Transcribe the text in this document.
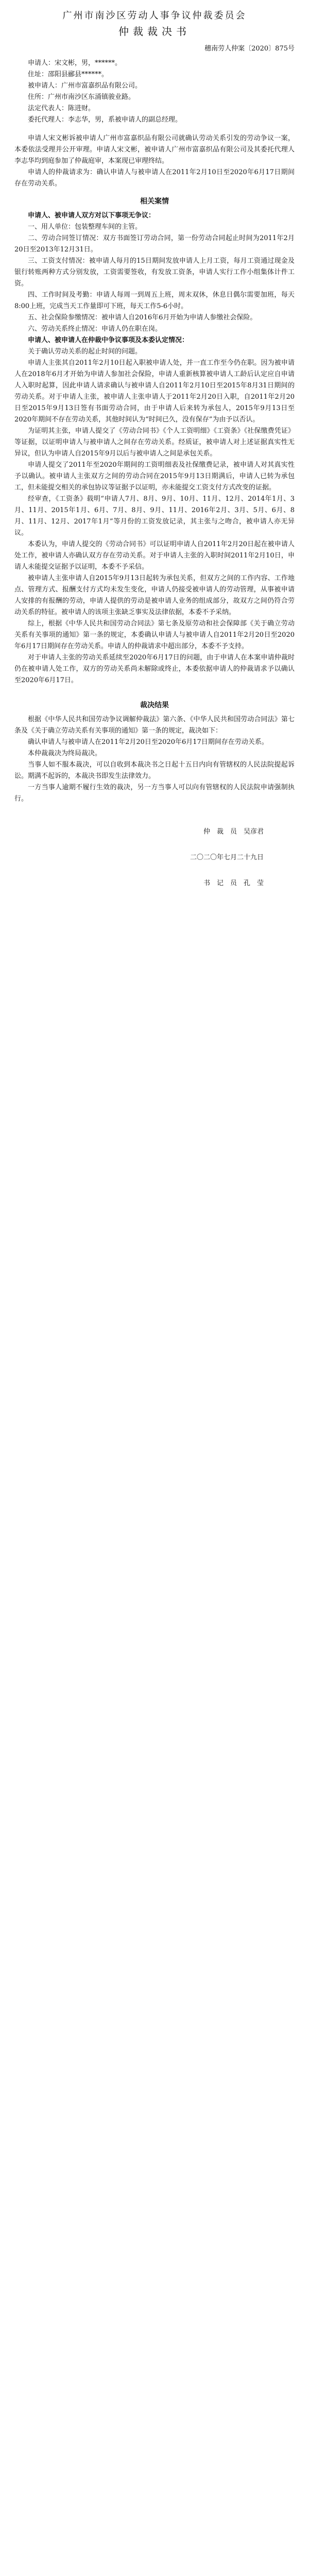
广州市南沙区劳动人事争议仲裁委员会
仲裁裁决书
穗南劳人仲案〔2020〕875号

申请人：宋文彬，男，******。

住址：邵阳县郦县******。

被申请人：广州市富嘉织品有限公司。

住所：广州市南沙区东涌镇骏业路。

法定代表人：陈进财。

委托代理人：李志华，男，系被申请人的副总经理。

申请人宋文彬诉被申请人广州市富嘉织品有限公司就确认劳动关系引发的劳动争议一案，本委依法受理并公开审理。申请人宋文彬，被申请人广州市富嘉织品有限公司及其委托代理人李志华均到庭参加了仲裁庭审，本案现已审理终结。

申请人的仲裁请求为：确认申请人与被申请人在2011年2月10日至2020年6月17日期间存在劳动关系。

相关案情

申请人、被申请人双方对以下事项无争议：

一、用人单位：包装整理车间的主管。

二、劳动合同签订情况：双方书面签订劳动合同，第一份劳动合同起止时间为2011年2月20日至2013年12月31日。

三、工资支付情况：被申请人每月的15日期间发放申请人上月工资，每月工资通过现金及银行转账两种方式分别发放，工资需要签收，有发放工资条，申请人实行工作小组集体计件工资。

四、工作时间及考勤：申请人每周一到周五上班，周末双休，休息日偶尔需要加班，每天8:00上班，完成当天工作量即可下班，每天工作5-6小时。

五、社会保险参缴情况：被申请人自2016年6月开始为申请人参缴社会保险。

六、劳动关系终止情况：申请人仍在职在岗。

申请人、被申请人在仲裁中争议事项及本委认定情况：

关于确认劳动关系的起止时间的问题。

申请人主张其自2011年2月10日起入职被申请人处，并一直工作至今仍在职。因为被申请人在2018年6月才开始为申请人参加社会保险，申请人重新核算被申请人工龄后认定应自申请人入职时起算，因此申请人请求确认与被申请人自2011年2月10日至2015年8月31日期间的劳动关系。对于申请人主张，被申请人主张申请人于2011年2月20日入职，自2011年2月20日至2015年9月13日签有书面劳动合同，由于申请人后来转为承包人，2015年9月13日至2020年期间不存在劳动关系，其他时间认为“时间已久，没有保存”为由予以否认。

为证明其主张，申请人提交了《劳动合同书》《个人工资明细》《工资条》《社保缴费凭证》等证据，以证明申请人与被申请人之间存在劳动关系。经质证，被申请人对上述证据真实性无异议，但认为申请人自2015年9月以后与被申请人之间是承包关系。

申请人提交了2011年至2020年期间的工资明细表及社保缴费记录，被申请人对其真实性予以确认。被申请人主张双方之间的劳动合同在2015年9月13日期满后，申请人已转为承包工，但未能提交相关的承包协议等证据予以证明，亦未能提交工资支付方式改变的证据。

经审查，《工资条》载明“申请人7月、8月、9月、10月、11月、12月、2014年1月、3月、11月、2015年1月、6月、7月、8月、9月、11月、2016年2月、3月、5月、6月、8月、11月、12月、2017年1月”等月份的工资发放记录，其主张与之吻合，被申请人亦无异议。

本委认为，申请人提交的《劳动合同书》可以证明申请人自2011年2月20日起在被申请人处工作，被申请人亦确认双方存在劳动关系。对于申请人主张的入职时间2011年2月10日，申请人未能提交证据予以证明，本委不予采信。

被申请人主张申请人自2015年9月13日起转为承包关系，但双方之间的工作内容、工作地点、管理方式、报酬支付方式均未发生变化，申请人仍接受被申请人的劳动管理，从事被申请人安排的有报酬的劳动，申请人提供的劳动是被申请人业务的组成部分，故双方之间仍符合劳动关系的特征。被申请人的该项主张缺乏事实及法律依据，本委不予采纳。

综上，根据《中华人民共和国劳动合同法》第七条及原劳动和社会保障部《关于确立劳动关系有关事项的通知》第一条的规定，本委确认申请人与被申请人自2011年2月20日至2020年6月17日期间存在劳动关系。申请人的仲裁请求中超出部分，本委不予支持。

对于申请人主张的劳动关系延续至2020年6月17日的问题，由于申请人在本案申请仲裁时仍在被申请人处工作，双方的劳动关系尚未解除或终止，本委依据申请人的仲裁请求予以确认至2020年6月17日。

裁决结果

根据《中华人民共和国劳动争议调解仲裁法》第六条、《中华人民共和国劳动合同法》第七条及《关于确立劳动关系有关事项的通知》第一条的规定，裁决如下：

确认申请人与被申请人在2011年2月20日至2020年6月17日期间存在劳动关系。

本仲裁裁决为终局裁决。

当事人如不服本裁决，可以自收到本裁决书之日起十五日内向有管辖权的人民法院提起诉讼。期满不起诉的，本裁决书即发生法律效力。

一方当事人逾期不履行生效的裁决，另一方当事人可以向有管辖权的人民法院申请强制执行。

仲　裁　员　吴彦君

二〇二〇年七月二十九日

书　记　员　孔　莹
